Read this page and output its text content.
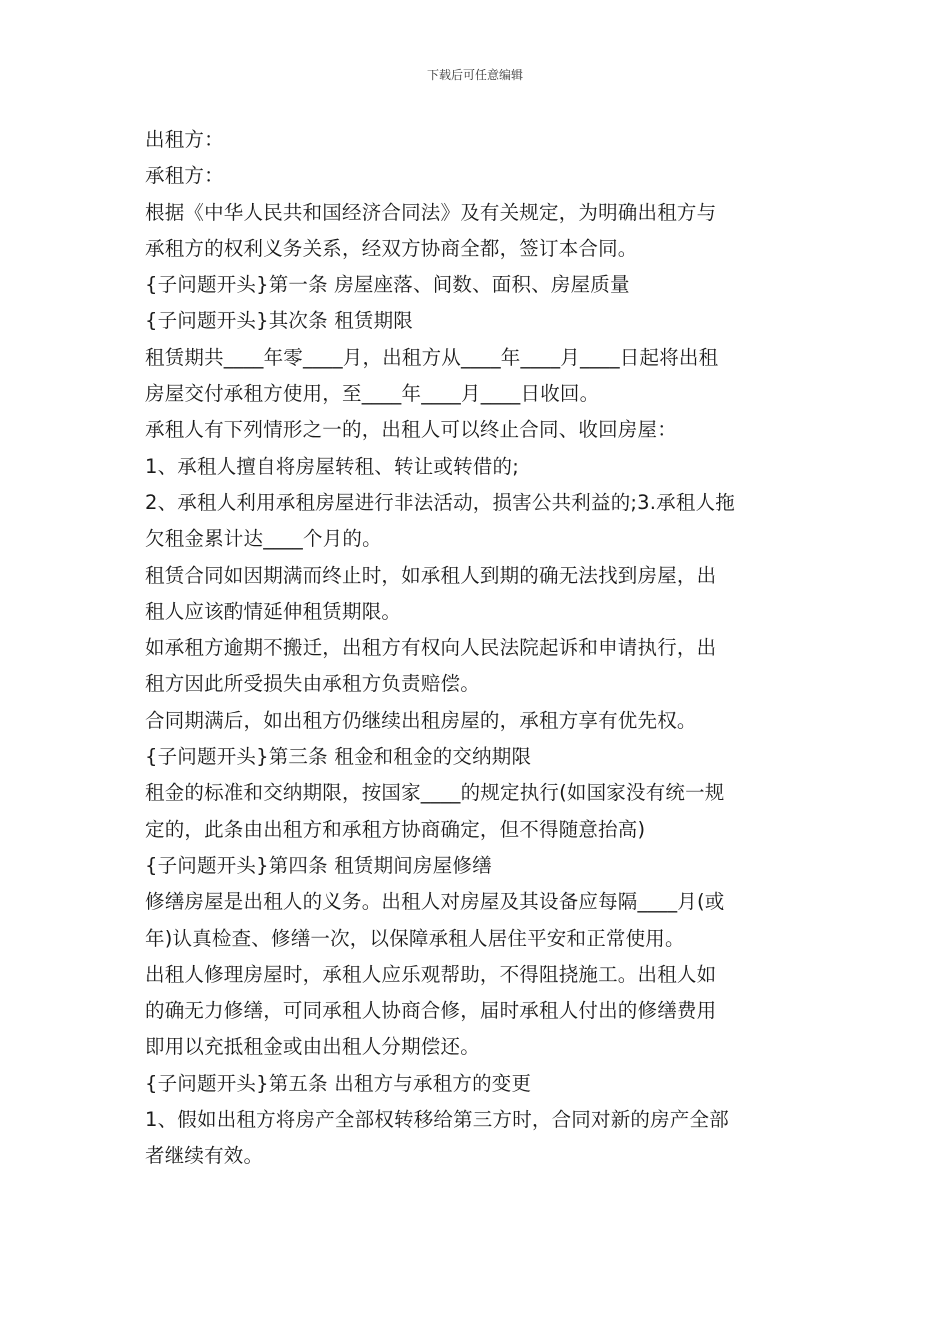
下载后可任意编辑
出租方：
承租方：
根据《中华人民共和国经济合同法》及有关规定，为明确出租方与
承租方的权利义务关系，经双方协商全都，签订本合同。
{子问题开头}第一条 房屋座落、间数、面积、房屋质量
{子问题开头}其次条 租赁期限
租赁期共____年零____月，出租方从____年____月____日起将出租
房屋交付承租方使用，至____年____月____日收回。
承租人有下列情形之一的，出租人可以终止合同、收回房屋：
1、承租人擅自将房屋转租、转让或转借的;
2、承租人利用承租房屋进行非法活动，损害公共利益的;3.承租人拖
欠租金累计达____个月的。
租赁合同如因期满而终止时，如承租人到期的确无法找到房屋，出
租人应该酌情延伸租赁期限。
如承租方逾期不搬迁，出租方有权向人民法院起诉和申请执行，出
租方因此所受损失由承租方负责赔偿。
合同期满后，如出租方仍继续出租房屋的，承租方享有优先权。
{子问题开头}第三条 租金和租金的交纳期限
租金的标准和交纳期限，按国家____的规定执行(如国家没有统一规
定的，此条由出租方和承租方协商确定，但不得随意抬高)
{子问题开头}第四条 租赁期间房屋修缮
修缮房屋是出租人的义务。出租人对房屋及其设备应每隔____月(或
年)认真检查、修缮一次，以保障承租人居住平安和正常使用。
出租人修理房屋时，承租人应乐观帮助，不得阻挠施工。出租人如
的确无力修缮，可同承租人协商合修，届时承租人付出的修缮费用
即用以充抵租金或由出租人分期偿还。
{子问题开头}第五条 出租方与承租方的变更
1、假如出租方将房产全部权转移给第三方时，合同对新的房产全部
者继续有效。
